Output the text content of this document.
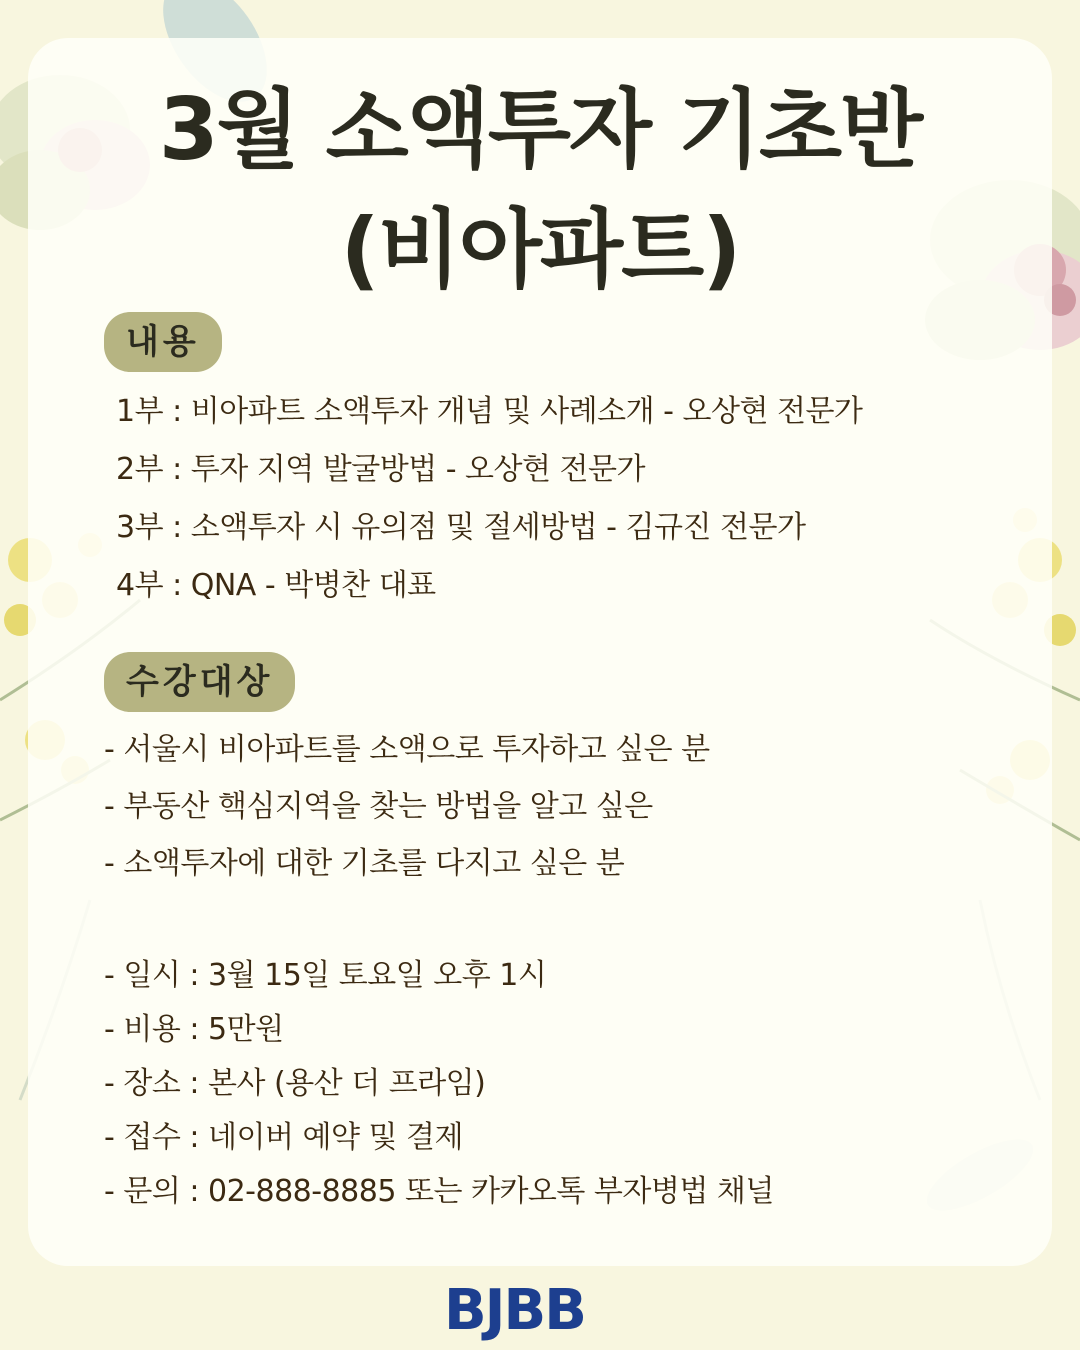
3월 소액투자 기초반
(비아파트)
내용
1부 : 비아파트 소액투자 개념 및 사례소개 - 오상현 전문가
2부 : 투자 지역 발굴방법 - 오상현 전문가
3부 : 소액투자 시 유의점 및 절세방법 - 김규진 전문가
4부 : QNA - 박병찬 대표
수강대상
- 서울시 비아파트를 소액으로 투자하고 싶은 분
- 부동산 핵심지역을 찾는 방법을 알고 싶은
- 소액투자에 대한 기초를 다지고 싶은 분
- 일시 : 3월 15일 토요일 오후 1시
- 비용 : 5만원
- 장소 : 본사 (용산 더 프라임)
- 접수 : 네이버 예약 및 결제
- 문의 : 02-888-8885 또는 카카오톡 부자병법 채널
BJBB
